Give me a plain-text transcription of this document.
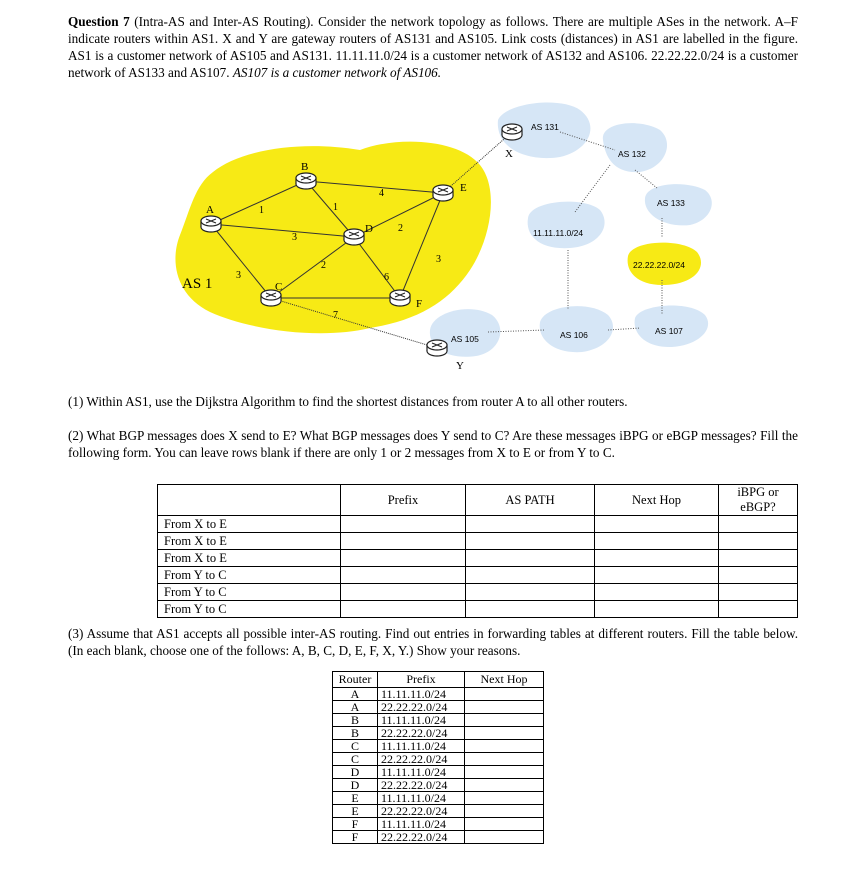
Question 7 (Intra-AS and Inter-AS Routing). Consider the network topology as follows. There are multiple ASes in the network. A–F indicate routers within AS1. X and Y are gateway routers of AS131 and AS105. Link costs (distances) in AS1 are labelled in the figure. AS1 is a customer network of AS105 and AS131. 11.11.11.0/24 is a customer network of AS132 and AS106. 22.22.22.0/24 is a customer network of AS133 and AS107. AS107 is a customer network of AS106.

A
B
C
D
E
F
X
Y
1
3
3
1
4
2
2
7
6
3
AS 1
AS 131
AS 132
AS 133
AS 105	AS 106	AS 107
11.11.11.0/24
22.22.22.0/24

(1) Within AS1, use the Dijkstra Algorithm to find the shortest distances from router A to all other routers.

(2) What BGP messages does X send to E? What BGP messages does Y send to C? Are these messages iBPG or eBGP messages? Fill the following form. You can leave rows blank if there are only 1 or 2 messages from X to E or from Y to C.

	Prefix	AS PATH	Next Hop	iBPG or eBGP?
From X to E				
From X to E				
From X to E				
From Y to C				
From Y to C				
From Y to C				

(3) Assume that AS1 accepts all possible inter-AS routing. Find out entries in forwarding tables at different routers. Fill the table below. (In each blank, choose one of the follows: A, B, C, D, E, F, X, Y.) Show your reasons.

Router	Prefix	Next Hop
A	11.11.11.0/24	
A	22.22.22.0/24	
B	11.11.11.0/24	
B	22.22.22.0/24	
C	11.11.11.0/24	
C	22.22.22.0/24	
D	11.11.11.0/24	
D	22.22.22.0/24	
E	11.11.11.0/24	
E	22.22.22.0/24	
F	11.11.11.0/24	
F	22.22.22.0/24	
